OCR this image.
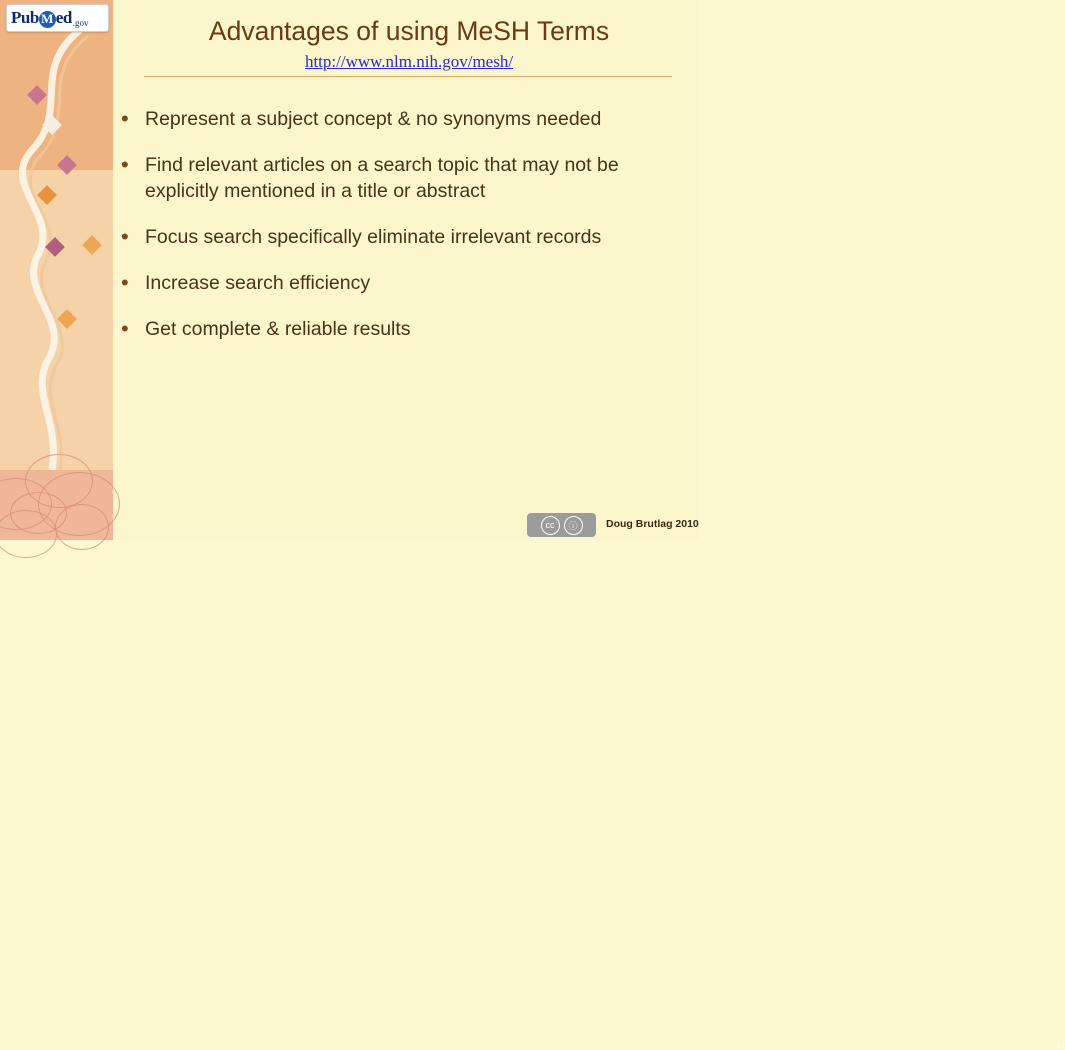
Pub M ed .gov	Advantages of using MeSH Terms
http://www.nlm.nih.gov/mesh/
• Represent a subject concept & no synonyms needed
• Find relevant articles on a search topic that may not be explicitly mentioned in a title or abstract
• Focus search specifically eliminate irrelevant records
• Increase search efficiency
• Get complete & reliable results
cc	ⓘ
BY
Doug Brutlag 2010
